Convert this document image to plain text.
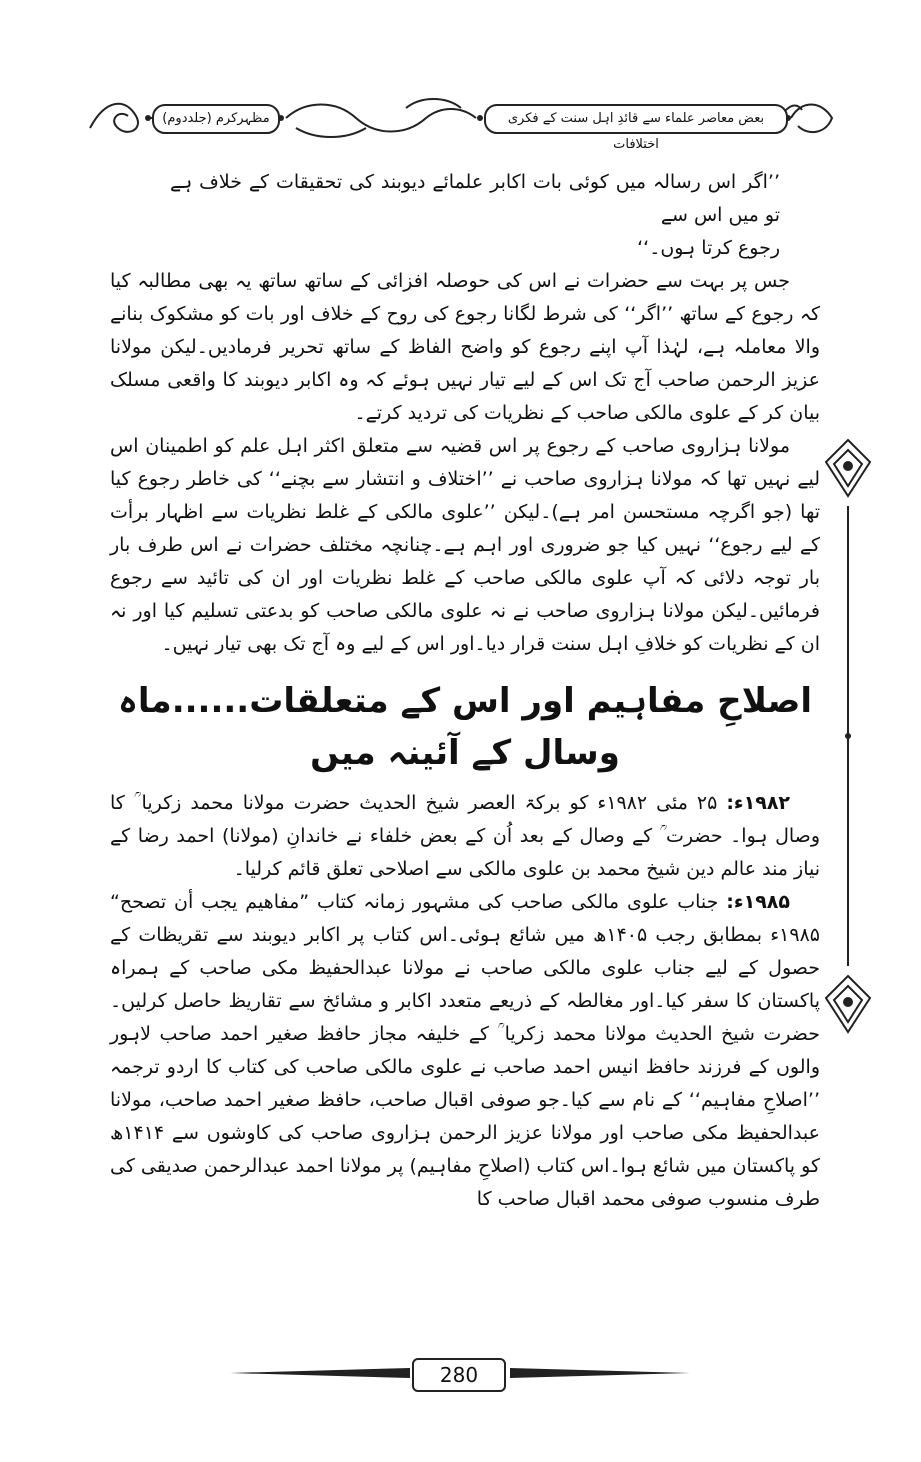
مظہرکرم (جلددوم)	بعض معاصر علماء سے قائدِ اہل سنت کے فکری اختلافات

’’اگر اس رسالہ میں کوئی بات اکابر علمائے دیوبند کی تحقیقات کے خلاف ہے تو میں اس سے

رجوع کرتا ہوں۔‘‘

جس پر بہت سے حضرات نے اس کی حوصلہ افزائی کے ساتھ ساتھ یہ بھی مطالبہ کیا کہ رجوع کے ساتھ ’’اگر‘‘ کی شرط لگانا رجوع کی روح کے خلاف اور بات کو مشکوک بنانے والا معاملہ ہے، لہٰذا آپ اپنے رجوع کو واضح الفاظ کے ساتھ تحریر فرمادیں۔لیکن مولانا عزیز الرحمن صاحب آج تک اس کے لیے تیار نہیں ہوئے کہ وہ اکابر دیوبند کا واقعی مسلک بیان کر کے علوی مالکی صاحب کے نظریات کی تردید کرتے۔

مولانا ہزاروی صاحب کے رجوع پر اس قضیہ سے متعلق اکثر اہل علم کو اطمینان اس لیے نہیں تھا کہ مولانا ہزاروی صاحب نے ’’اختلاف و انتشار سے بچنے‘‘ کی خاطر رجوع کیا تھا (جو اگرچہ مستحسن امر ہے)۔لیکن ’’علوی مالکی کے غلط نظریات سے اظہار برأت کے لیے رجوع‘‘ نہیں کیا جو ضروری اور اہم ہے۔چنانچہ مختلف حضرات نے اس طرف بار بار توجہ دلائی کہ آپ علوی مالکی صاحب کے غلط نظریات اور ان کی تائید سے رجوع فرمائیں۔لیکن مولانا ہزاروی صاحب نے نہ علوی مالکی صاحب کو بدعتی تسلیم کیا اور نہ ان کے نظریات کو خلافِ اہل سنت قرار دیا۔اور اس کے لیے وہ آج تک بھی تیار نہیں۔

اصلاحِ مفاہیم اور اس کے متعلقات......ماہ وسال کے آئینہ میں

۱۹۸۲ء: ۲۵ مئی ۱۹۸۲ء کو برکۃ العصر شیخ الحدیث حضرت مولانا محمد زکریا ؒ کا وصال ہوا۔ حضرت ؒ کے وصال کے بعد اُن کے بعض خلفاء نے خاندانِ (مولانا) احمد رضا کے نیاز مند عالم دین شیخ محمد بن علوی مالکی سے اصلاحی تعلق قائم کرلیا۔

۱۹۸۵ء: جناب علوی مالکی صاحب کی مشہور زمانہ کتاب ”مفاهيم يجب أن تصحح“ ۱۹۸۵ء بمطابق رجب ۱۴۰۵ھ میں شائع ہوئی۔اس کتاب پر اکابر دیوبند سے تقریظات کے حصول کے لیے جناب علوی مالکی صاحب نے مولانا عبدالحفیظ مکی صاحب کے ہمراہ پاکستان کا سفر کیا۔اور مغالطہ کے ذریعے متعدد اکابر و مشائخ سے تقاریظ حاصل کرلیں۔حضرت شیخ الحدیث مولانا محمد زکریا ؒ کے خلیفہ مجاز حافظ صغیر احمد صاحب لاہور والوں کے فرزند حافظ انیس احمد صاحب نے علوی مالکی صاحب کی کتاب کا اردو ترجمہ ’’اصلاحِ مفاہیم‘‘ کے نام سے کیا۔جو صوفی اقبال صاحب، حافظ صغیر احمد صاحب، مولانا عبدالحفیظ مکی صاحب اور مولانا عزیز الرحمن ہزاروی صاحب کی کاوشوں سے ۱۴۱۴ھ کو پاکستان میں شائع ہوا۔اس کتاب (اصلاحِ مفاہیم) پر مولانا احمد عبدالرحمن صدیقی کی طرف منسوب صوفی محمد اقبال صاحب کا

280
